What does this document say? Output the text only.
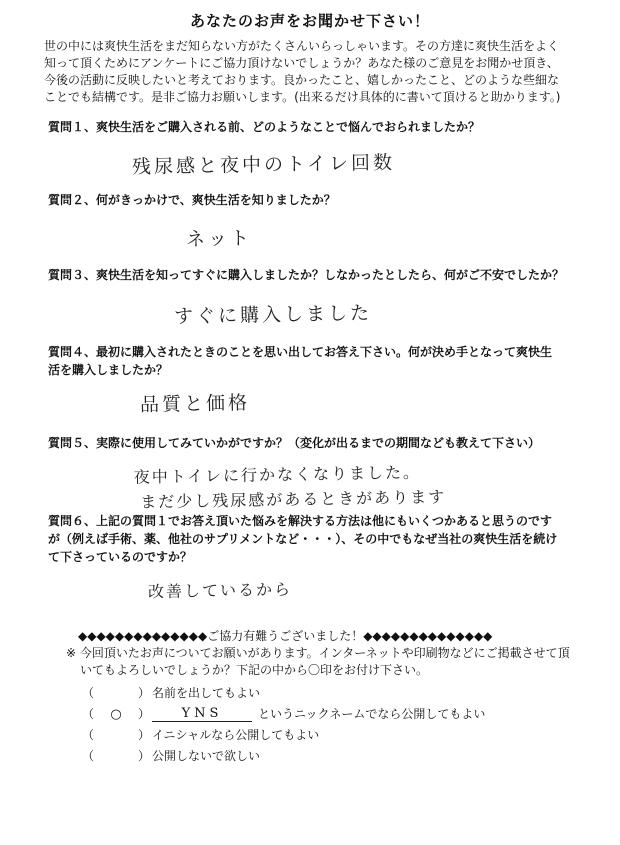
あなたのお声をお聞かせ下さい！
世の中には爽快生活をまだ知らない方がたくさんいらっしゃいます。その方達に爽快生活をよく
知って頂くためにアンケートにご協力頂けないでしょうか？あなた様のご意見をお聞かせ頂き、
今後の活動に反映したいと考えております。良かったこと、嬉しかったこと、どのような些細な
ことでも結構です。是非ご協力お願いします。(出来るだけ具体的に書いて頂けると助かります。)
質問１、爽快生活をご購入される前、どのようなことで悩んでおられましたか？
残尿感と夜中のトイレ回数
質問２、何がきっかけで、爽快生活を知りましたか？
ネット
質問３、爽快生活を知ってすぐに購入しましたか？しなかったとしたら、何がご不安でしたか？
すぐに購入しました
質問４、最初に購入されたときのことを思い出してお答え下さい。何が決め手となって爽快生
活を購入しましたか？
品質と価格
質問５、実際に使用してみていかがですか？（変化が出るまでの期間なども教えて下さい）
夜中トイレに行かなくなりました。
まだ少し残尿感があるときがあります
質問６、上記の質問１でお答え頂いた悩みを解決する方法は他にもいくつかあると思うのです
が（例えば手術、薬、他社のサプリメントなど・・・）、その中でもなぜ当社の爽快生活を続け
て下さっているのですか？
改善しているから
◆◆◆◆◆◆◆◆◆◆◆◆◆◆ご協力有難うございました！◆◆◆◆◆◆◆◆◆◆◆◆◆◆
※ 今回頂いたお声についてお願いがあります。インターネットや印刷物などにご掲載させて頂
いてもよろしいでしょうか？下記の中から〇印をお付け下さい。
（	） 名前を出してもよい
（ ○ ）	YNS	というニックネームでなら公開してもよい
（	） イニシャルなら公開してもよい
（	） 公開しないで欲しい
